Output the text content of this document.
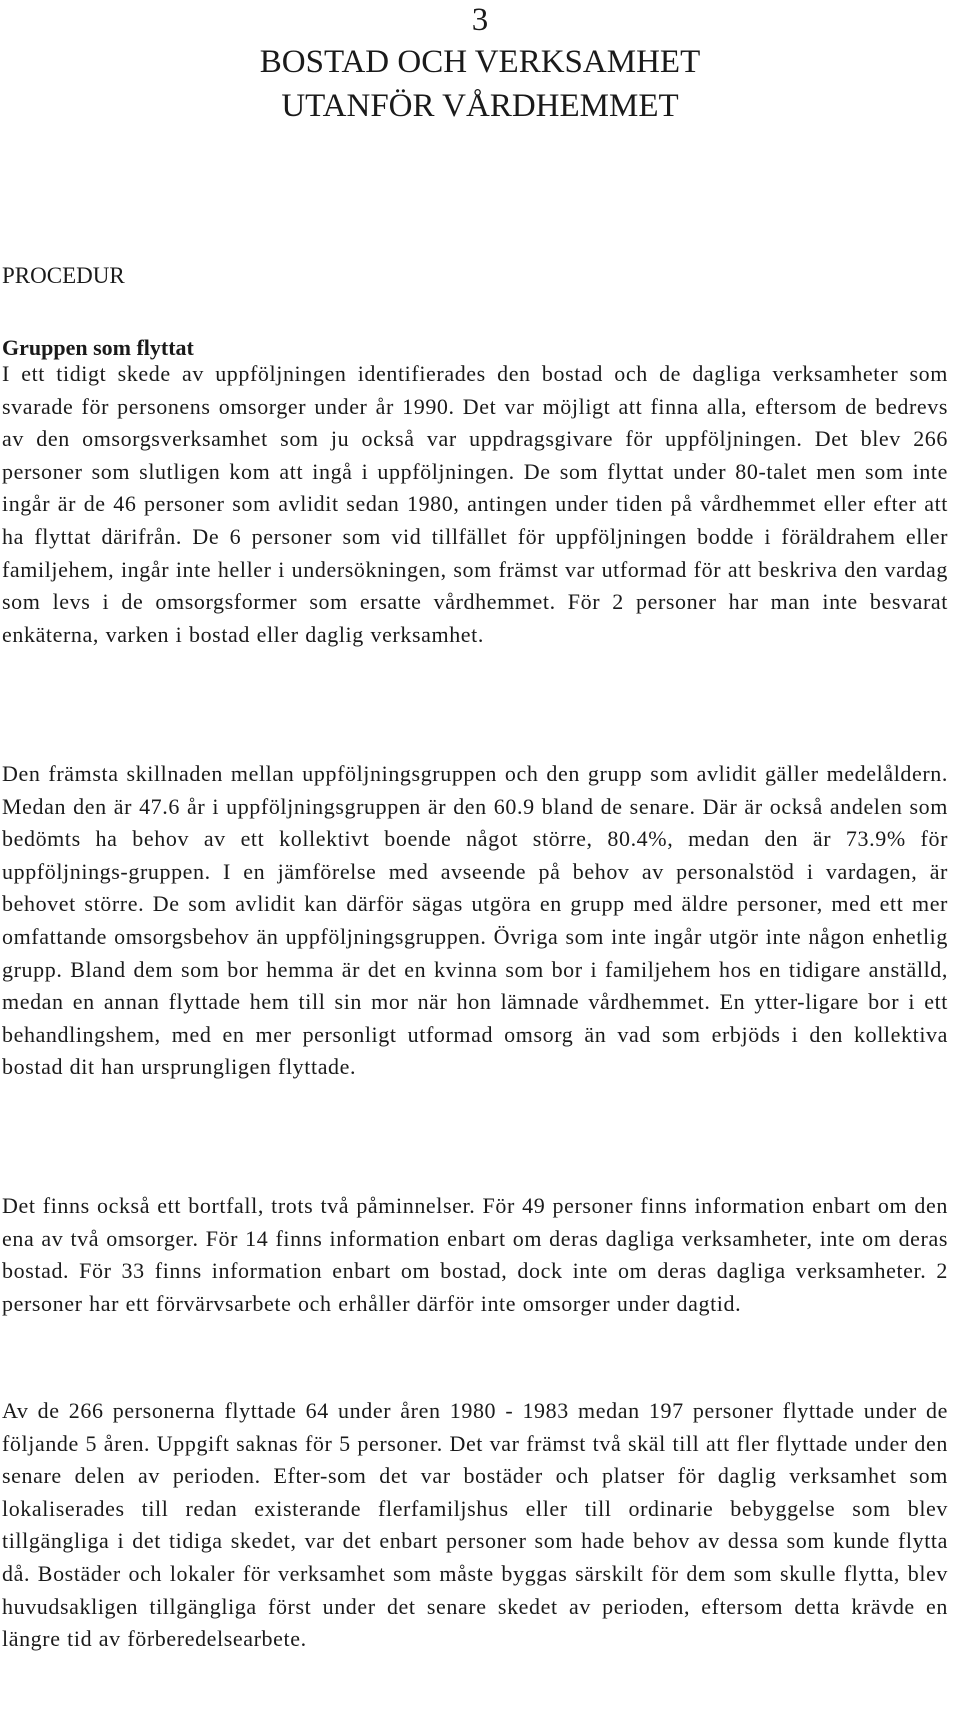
3
BOSTAD OCH VERKSAMHET
UTANFÖR VÅRDHEMMET
PROCEDUR
Gruppen som flyttat

I ett tidigt skede av uppföljningen identifierades den bostad och de dagliga verksamheter som svarade för personens omsorger under år 1990. Det var möjligt att finna alla, eftersom de bedrevs av den omsorgsverksamhet som ju också var uppdragsgivare för uppföljningen. Det blev 266 personer som slutligen kom att ingå i uppföljningen. De som flyttat under 80-talet men som inte ingår är de 46 personer som avlidit sedan 1980, antingen under tiden på vårdhemmet eller efter att ha flyttat därifrån. De 6 personer som vid tillfället för uppföljningen bodde i föräldrahem eller familjehem, ingår inte heller i undersökningen, som främst var utformad för att beskriva den vardag som levs i de omsorgsformer som ersatte vårdhemmet. För 2 personer har man inte besvarat enkäterna, varken i bostad eller daglig verksamhet.

Den främsta skillnaden mellan uppföljningsgruppen och den grupp som avlidit gäller medelåldern. Medan den är 47.6 år i uppföljningsgruppen är den 60.9 bland de senare. Där är också andelen som bedömts ha behov av ett kollektivt boende något större, 80.4%, medan den är 73.9% för uppföljnings-gruppen. I en jämförelse med avseende på behov av personalstöd i vardagen, är behovet större. De som avlidit kan därför sägas utgöra en grupp med äldre personer, med ett mer omfattande omsorgsbehov än uppföljningsgruppen. Övriga som inte ingår utgör inte någon enhetlig grupp. Bland dem som bor hemma är det en kvinna som bor i familjehem hos en tidigare anställd, medan en annan flyttade hem till sin mor när hon lämnade vårdhemmet. En ytter-ligare bor i ett behandlingshem, med en mer personligt utformad omsorg än vad som erbjöds i den kollektiva bostad dit han ursprungligen flyttade.

Det finns också ett bortfall, trots två påminnelser. För 49 personer finns information enbart om den ena av två omsorger. För 14 finns information enbart om deras dagliga verksamheter, inte om deras bostad. För 33 finns information enbart om bostad, dock inte om deras dagliga verksamheter. 2 personer har ett förvärvsarbete och erhåller därför inte omsorger under dagtid.

Av de 266 personerna flyttade 64 under åren 1980 - 1983 medan 197 personer flyttade under de följande 5 åren. Uppgift saknas för 5 personer. Det var främst två skäl till att fler flyttade under den senare delen av perioden. Efter-som det var bostäder och platser för daglig verksamhet som lokaliserades till redan existerande flerfamiljshus eller till ordinarie bebyggelse som blev tillgängliga i det tidiga skedet, var det enbart personer som hade behov av dessa som kunde flytta då. Bostäder och lokaler för verksamhet som måste byggas särskilt för dem som skulle flytta, blev huvudsakligen tillgängliga först under det senare skedet av perioden, eftersom detta krävde en längre tid av förberedelsearbete.
